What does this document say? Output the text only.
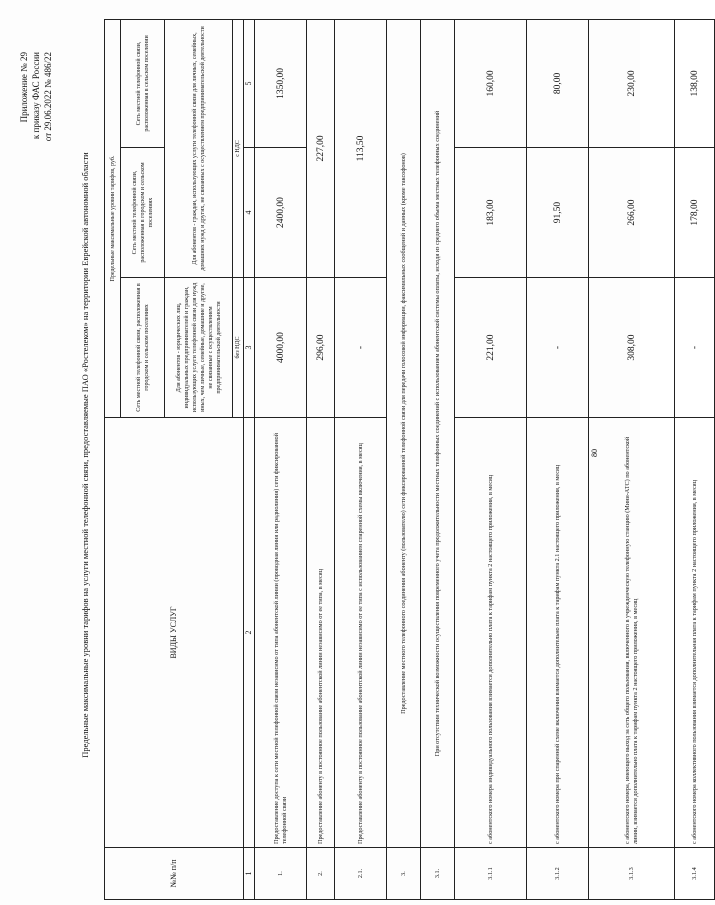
80
Приложение № 29 к приказу ФАС России от 29.06.2022 № 486/22
Предельные максимальные уровни тарифов на услуги местной телефонной связи, предоставляемые ПАО «Ростелеком» на территории Еврейской автономной области
№№ п/п	ВИДЫ УСЛУГ	Предельные максимальные уровни тарифов, руб.		
		Сеть местной телефонной связи, расположенная в городском и сельском поселениях	Сеть местной телефонной связи, расположенная в городском и сельском поселениях	Сеть местной телефонной связи, расположенная в сельском поселении
		Для абонентов - юридических лиц, индивидуальных предпринимателей и граждан, использующих услуги телефонной связи для нужд иных, чем личные, семейные, домашние и другие, не связанные с осуществлением предпринимательской деятельности	Для абонентов - граждан, использующих услуги телефонной связи для личных, семейных, домашних нужд и других, не связанных с осуществлением предпринимательской деятельности	
		без НДС	с НДС	
1	2	3	4	5
1.	Предоставление доступа к сети местной телефонной связи независимо от типа абонентской линии (проводная линия или радиолиния) сети фиксированной телефонной связи	4000,00	2400,00	1350,00
2.	Предоставление абоненту в постоянное пользование абонентской линии независимо от ее типа, в месяц	296,00	227,00	
2.1.	Предоставление абоненту в постоянное пользование абонентской линии независимо от ее типа с использованием спаренной схемы включения, в месяц	-	113,50	
3.	Предоставление местного телефонного соединения абоненту (пользователю) сети фиксированной телефонной связи для передачи голосовой информации, факсимильных сообщений и данных (кроме таксофонов)			
3.1.	При отсутствии технической возможности осуществления повременного учета продолжительности местных телефонных соединений с использованием абонентской системы оплаты, исходя из среднего объема местных телефонных соединений			
3.1.1	с абонентского номера индивидуального пользования взимается дополнительно плата к тарифам пункта 2 настоящего приложения, в месяц	221,00	183,00	160,00
3.1.2	с абонентского номера при спаренной схеме включения взимается дополнительно плата к тарифам пункта 2.1 настоящего приложения, в месяц	-	91,50	80,00
3.1.3	с абонентского номера, имеющего выход за сеть общего пользования, включенного в учрежденческую телефонную станцию (Мини-АТС) по абонентской линии, взимается дополнительно плата к тарифам пункта 2 настоящего приложения, в месяц	308,00	266,00	230,00
3.1.4	с абонентского номера коллективного пользования взимается дополнительная плата к тарифам пункта 2 настоящего приложения, в месяц	-	178,00	138,00
